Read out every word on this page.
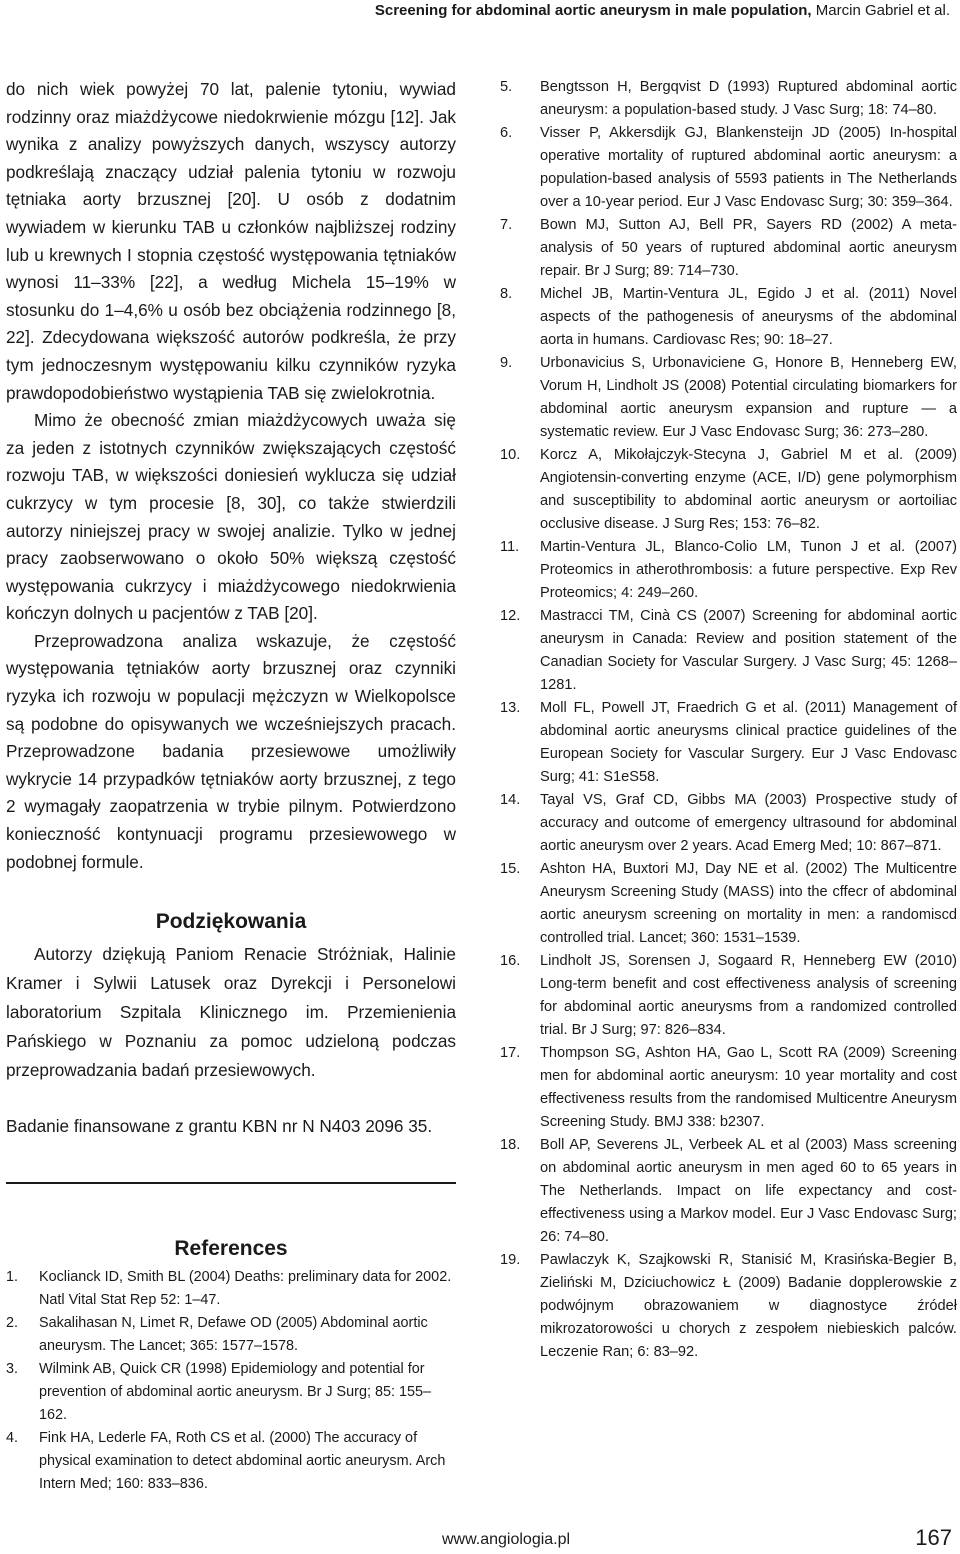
Screening for abdominal aortic aneurysm in male population, Marcin Gabriel et al.

do nich wiek powyżej 70 lat, palenie tytoniu, wywiad rodzinny oraz miażdżycowe niedokrwienie mózgu [12]. Jak wynika z analizy powyższych danych, wszyscy autorzy podkreślają znaczący udział palenia tytoniu w rozwoju tętniaka aorty brzusznej [20]. U osób z dodatnim wywiadem w kierunku TAB u członków najbliższej rodziny lub u krewnych I stopnia częstość występowania tętniaków wynosi 11–33% [22], a według Michela 15–19% w stosunku do 1–4,6% u osób bez obciążenia rodzinnego [8, 22]. Zdecydowana większość autorów podkreśla, że przy tym jednoczesnym występowaniu kilku czynników ryzyka prawdopodobieństwo wystąpienia TAB się zwielokrotnia.

Mimo że obecność zmian miażdżycowych uważa się za jeden z istotnych czynników zwiększających częstość rozwoju TAB, w większości doniesień wyklucza się udział cukrzycy w tym procesie [8, 30], co także stwierdzili autorzy niniejszej pracy w swojej analizie. Tylko w jednej pracy zaobserwowano o około 50% większą częstość występowania cukrzycy i miażdżycowego niedokrwienia kończyn dolnych u pacjentów z TAB [20].

Przeprowadzona analiza wskazuje, że częstość występowania tętniaków aorty brzusznej oraz czynniki ryzyka ich rozwoju w populacji mężczyzn w Wielkopolsce są podobne do opisywanych we wcześniejszych pracach. Przeprowadzone badania przesiewowe umożliwiły wykrycie 14 przypadków tętniaków aorty brzusznej, z tego 2 wymagały zaopatrzenia w trybie pilnym. Potwierdzono konieczność kontynuacji programu przesiewowego w podobnej formule.

Podziękowania

Autorzy dziękują Paniom Renacie Stróżniak, Halinie Kramer i Sylwii Latusek oraz Dyrekcji i Personelowi laboratorium Szpitala Klinicznego im. Przemienienia Pańskiego w Poznaniu za pomoc udzieloną podczas przeprowadzania badań przesiewowych.

Badanie finansowane z grantu KBN nr N N403 2096 35.

References
1. Koclianck ID, Smith BL (2004) Deaths: preliminary data for 2002. Natl Vital Stat Rep 52: 1–47.
2. Sakalihasan N, Limet R, Defawe OD (2005) Abdominal aortic aneurysm. The Lancet; 365: 1577–1578.
3. Wilmink AB, Quick CR (1998) Epidemiology and potential for prevention of abdominal aortic aneurysm. Br J Surg; 85: 155–162.
4. Fink HA, Lederle FA, Roth CS et al. (2000) The accuracy of physical examination to detect abdominal aortic aneurysm. Arch Intern Med; 160: 833–836.
5. Bengtsson H, Bergqvist D (1993) Ruptured abdominal aortic aneurysm: a population-based study. J Vasc Surg; 18: 74–80.
6. Visser P, Akkersdijk GJ, Blankensteijn JD (2005) In-hospital operative mortality of ruptured abdominal aortic aneurysm: a population-based analysis of 5593 patients in The Netherlands over a 10-year period. Eur J Vasc Endovasc Surg; 30: 359–364.
7. Bown MJ, Sutton AJ, Bell PR, Sayers RD (2002) A meta-analysis of 50 years of ruptured abdominal aortic aneurysm repair. Br J Surg; 89: 714–730.
8. Michel JB, Martin-Ventura JL, Egido J et al. (2011) Novel aspects of the pathogenesis of aneurysms of the abdominal aorta in humans. Cardiovasc Res; 90: 18–27.
9. Urbonavicius S, Urbonaviciene G, Honore B, Henneberg EW, Vorum H, Lindholt JS (2008) Potential circulating biomarkers for abdominal aortic aneurysm expansion and rupture — a systematic review. Eur J Vasc Endovasc Surg; 36: 273–280.
10. Korcz A, Mikołajczyk-Stecyna J, Gabriel M et al. (2009) Angiotensin-converting enzyme (ACE, I/D) gene polymorphism and susceptibility to abdominal aortic aneurysm or aortoiliac occlusive disease. J Surg Res; 153: 76–82.
11. Martin-Ventura JL, Blanco-Colio LM, Tunon J et al. (2007) Proteomics in atherothrombosis: a future perspective. Exp Rev Proteomics; 4: 249–260.
12. Mastracci TM, Cinà CS (2007) Screening for abdominal aortic aneurysm in Canada: Review and position statement of the Canadian Society for Vascular Surgery. J Vasc Surg; 45: 1268–1281.
13. Moll FL, Powell JT, Fraedrich G et al. (2011) Management of abdominal aortic aneurysms clinical practice guidelines of the European Society for Vascular Surgery. Eur J Vasc Endovasc Surg; 41: S1eS58.
14. Tayal VS, Graf CD, Gibbs MA (2003) Prospective study of accuracy and outcome of emergency ultrasound for abdominal aortic aneurysm over 2 years. Acad Emerg Med; 10: 867–871.
15. Ashton HA, Buxtori MJ, Day NE et al. (2002) The Multicentre Aneurysm Screening Study (MASS) into the cffecr of abdominal aortic aneurysm screening on mortality in men: a randomiscd controlled trial. Lancet; 360: 1531–1539.
16. Lindholt JS, Sorensen J, Sogaard R, Henneberg EW (2010) Long-term benefit and cost effectiveness analysis of screening for abdominal aortic aneurysms from a randomized controlled trial. Br J Surg; 97: 826–834.
17. Thompson SG, Ashton HA, Gao L, Scott RA (2009) Screening men for abdominal aortic aneurysm: 10 year mortality and cost effectiveness results from the randomised Multicentre Aneurysm Screening Study. BMJ 338: b2307.
18. Boll AP, Severens JL, Verbeek AL et al (2003) Mass screening on abdominal aortic aneurysm in men aged 60 to 65 years in The Netherlands. Impact on life expectancy and cost-effectiveness using a Markov model. Eur J Vasc Endovasc Surg; 26: 74–80.
19. Pawlaczyk K, Szajkowski R, Stanisić M, Krasińska-Begier B, Zieliński M, Dziciuchowicz Ł (2009) Badanie dopplerowskie z podwójnym obrazowaniem w diagnostyce źródeł mikrozatorowości u chorych z zespołem niebieskich palców. Leczenie Ran; 6: 83–92.
www.angiologia.pl	167
